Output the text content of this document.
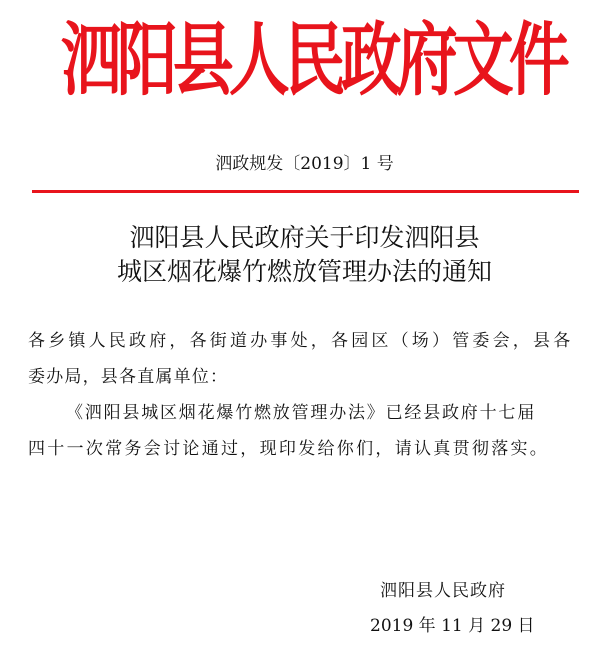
泗阳县人民政府文件
泗政规发〔2019〕1 号
泗阳县人民政府关于印发泗阳县
城区烟花爆竹燃放管理办法的通知
各乡镇人民政府，各街道办事处，各园区（场）管委会，县各
委办局，县各直属单位：
《泗阳县城区烟花爆竹燃放管理办法》已经县政府十七届
四十一次常务会讨论通过，现印发给你们，请认真贯彻落实。
泗阳县人民政府
2019 年 11 月 29 日
